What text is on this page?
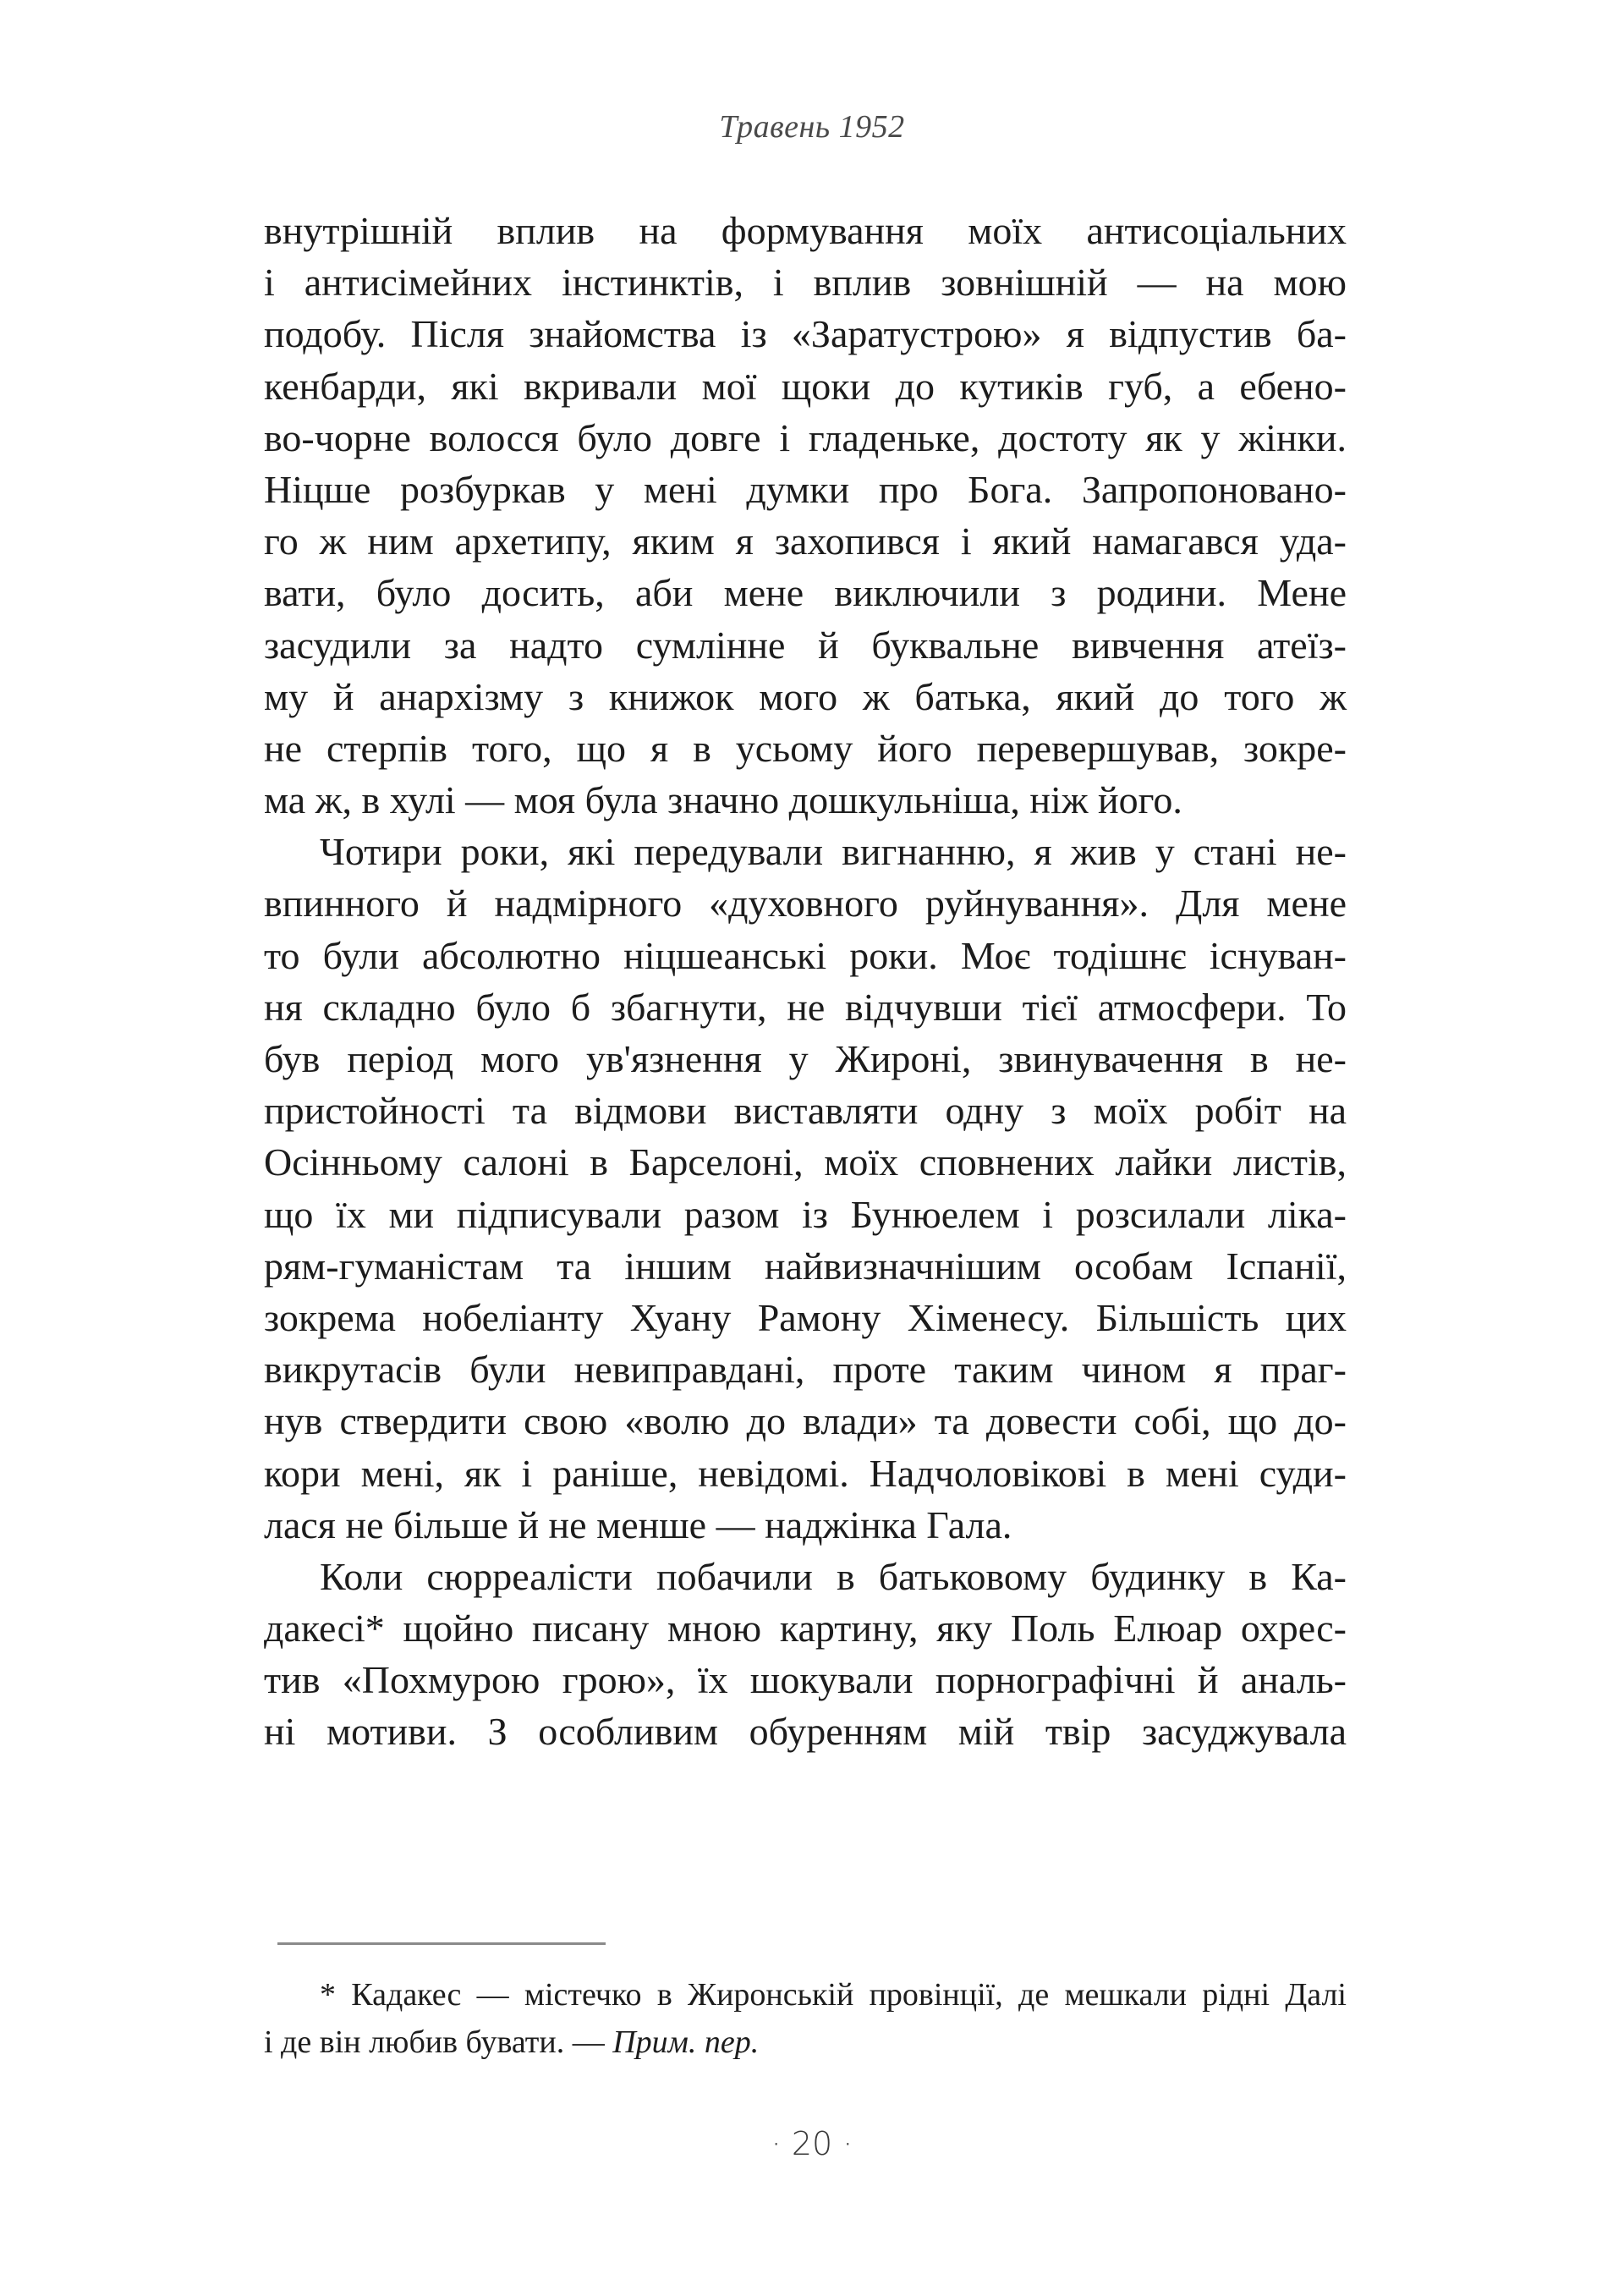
Травень 1952
внутрішній вплив на формування моїх антисоціальних
і антисімейних інстинктів, і вплив зовнішній — на мою
подобу. Після знайомства із «Заратустрою» я відпустив ба-
кенбарди, які вкривали мої щоки до кутиків губ, а ебено-
во-чорне волосся було довге і гладеньке, достоту як у жінки.
Ніцше розбуркав у мені думки про Бога. Запропоновано-
го ж ним архетипу, яким я захопився і який намагався уда-
вати, було досить, аби мене виключили з родини. Мене
засудили за надто сумлінне й буквальне вивчення атеїз-
му й анархізму з книжок мого ж батька, який до того ж
не стерпів того, що я в усьому його перевершував, зокре-
ма ж, в хулі — моя була значно дошкульніша, ніж його.
Чотири роки, які передували вигнанню, я жив у стані не-
впинного й надмірного «духовного руйнування». Для мене
то були абсолютно ніцшеанські роки. Моє тодішнє існуван-
ня складно було б збагнути, не відчувши тієї атмосфери. То
був період мого ув'язнення у Жироні, звинувачення в не-
пристойності та відмови виставляти одну з моїх робіт на
Осінньому салоні в Барселоні, моїх сповнених лайки листів,
що їх ми підписували разом із Бунюелем і розсилали ліка-
рям-гуманістам та іншим найвизначнішим особам Іспанії,
зокрема нобеліанту Хуану Рамону Хіменесу. Більшість цих
викрутасів були невиправдані, проте таким чином я праг-
нув ствердити свою «волю до влади» та довести собі, що до-
кори мені, як і раніше, невідомі. Надчоловікові в мені суди-
лася не більше й не менше — наджінка Гала.
Коли сюрреалісти побачили в батьковому будинку в Ка-
дакесі* щойно писану мною картину, яку Поль Елюар охрес-
тив «Похмурою грою», їх шокували порнографічні й аналь-
ні мотиви. З особливим обуренням мій твір засуджувала
* Кадакес — містечко в Жиронській провінції, де мешкали рідні Далі
і де він любив бувати. — Прим. пер.
· 20 ·
